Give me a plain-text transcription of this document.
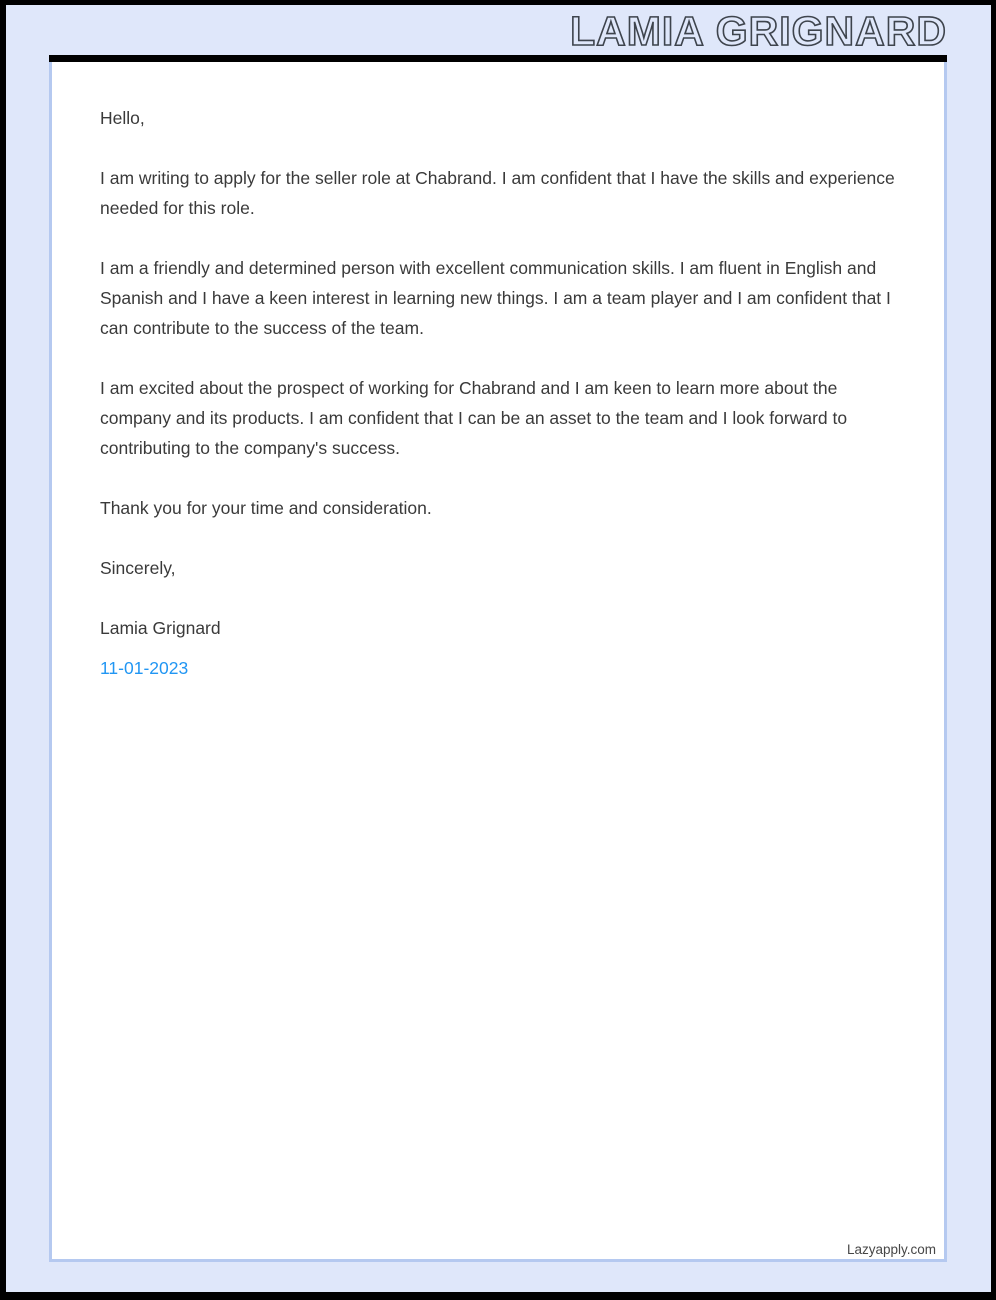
LAMIA GRIGNARD

Hello,

I am writing to apply for the seller role at Chabrand. I am confident that I have the skills and experience needed for this role.

I am a friendly and determined person with excellent communication skills. I am fluent in English and Spanish and I have a keen interest in learning new things. I am a team player and I am confident that I can contribute to the success of the team.

I am excited about the prospect of working for Chabrand and I am keen to learn more about the company and its products. I am confident that I can be an asset to the team and I look forward to contributing to the company's success.

Thank you for your time and consideration.

Sincerely,

Lamia Grignard

11-01-2023

Lazyapply.com
